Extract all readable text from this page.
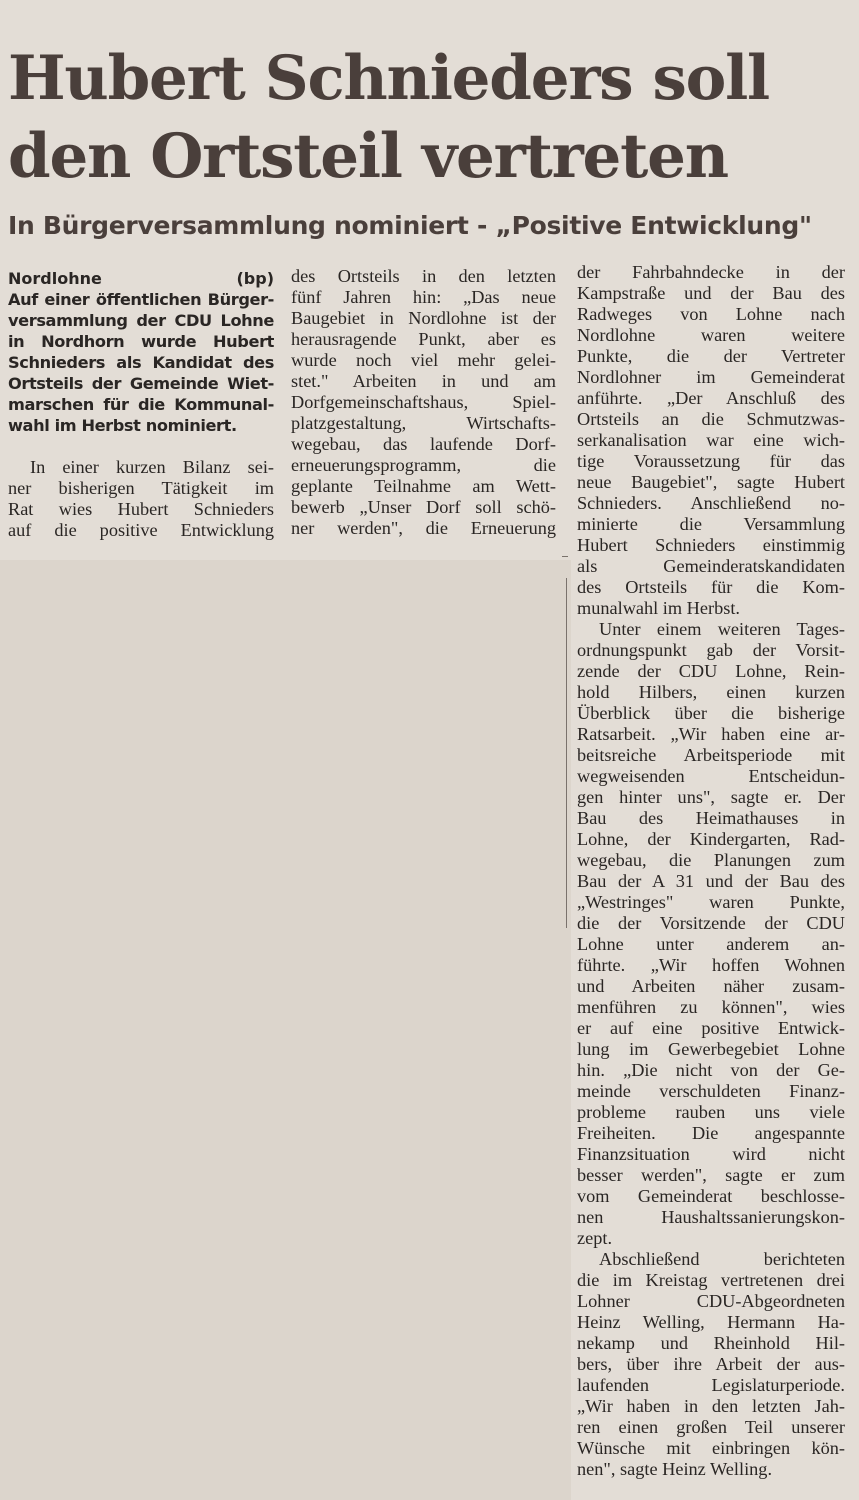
Hubert Schnieders soll
den Ortsteil vertreten
In Bürgerversammlung nominiert - „Positive Entwicklung"

Nordlohne (bp)

Auf einer öffentlichen Bürger-

versammlung der CDU Lohne

in Nordhorn wurde Hubert

Schnieders als Kandidat des

Ortsteils der Gemeinde Wiet-

marschen für die Kommunal-

wahl im Herbst nominiert.

In einer kurzen Bilanz sei-

ner bisherigen Tätigkeit im

Rat wies Hubert Schnieders

auf die positive Entwicklung

des Ortsteils in den letzten

fünf Jahren hin: „Das neue

Baugebiet in Nordlohne ist der

herausragende Punkt, aber es

wurde noch viel mehr gelei-

stet." Arbeiten in und am

Dorfgemeinschaftshaus, Spiel-

platzgestaltung, Wirtschafts-

wegebau, das laufende Dorf-

erneuerungsprogramm, die

geplante Teilnahme am Wett-

bewerb „Unser Dorf soll schö-

ner werden", die Erneuerung

der Fahrbahndecke in der

Kampstraße und der Bau des

Radweges von Lohne nach

Nordlohne waren weitere

Punkte, die der Vertreter

Nordlohner im Gemeinderat

anführte. „Der Anschluß des

Ortsteils an die Schmutzwas-

serkanalisation war eine wich-

tige Voraussetzung für das

neue Baugebiet", sagte Hubert

Schnieders. Anschließend no-

minierte die Versammlung

Hubert Schnieders einstimmig

als Gemeinderatskandidaten

des Ortsteils für die Kom-

munalwahl im Herbst.

Unter einem weiteren Tages-

ordnungspunkt gab der Vorsit-

zende der CDU Lohne, Rein-

hold Hilbers, einen kurzen

Überblick über die bisherige

Ratsarbeit. „Wir haben eine ar-

beitsreiche Arbeitsperiode mit

wegweisenden Entscheidun-

gen hinter uns", sagte er. Der

Bau des Heimathauses in

Lohne, der Kindergarten, Rad-

wegebau, die Planungen zum

Bau der A 31 und der Bau des

„Westringes" waren Punkte,

die der Vorsitzende der CDU

Lohne unter anderem an-

führte. „Wir hoffen Wohnen

und Arbeiten näher zusam-

menführen zu können", wies

er auf eine positive Entwick-

lung im Gewerbegebiet Lohne

hin. „Die nicht von der Ge-

meinde verschuldeten Finanz-

probleme rauben uns viele

Freiheiten. Die angespannte

Finanzsituation wird nicht

besser werden", sagte er zum

vom Gemeinderat beschlosse-

nen Haushaltssanierungskon-

zept.

Abschließend berichteten

die im Kreistag vertretenen drei

Lohner CDU-Abgeordneten

Heinz Welling, Hermann Ha-

nekamp und Rheinhold Hil-

bers, über ihre Arbeit der aus-

laufenden Legislaturperiode.

„Wir haben in den letzten Jah-

ren einen großen Teil unserer

Wünsche mit einbringen kön-

nen", sagte Heinz Welling.
